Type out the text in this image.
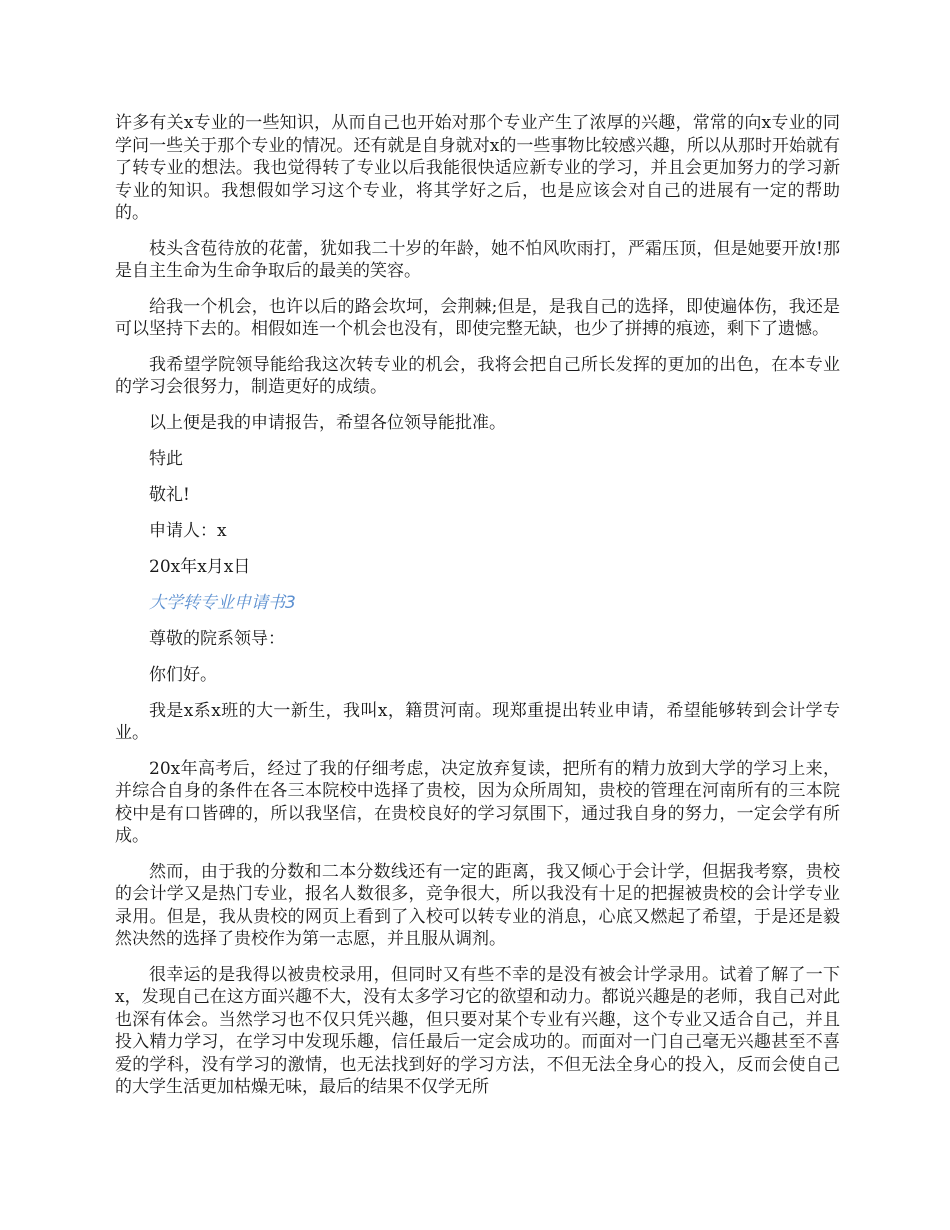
许多有关x专业的一些知识，从而自己也开始对那个专业产生了浓厚的兴趣，常常的向x专业的同学问一些关于那个专业的情况。还有就是自身就对x的一些事物比较感兴趣，所以从那时开始就有了转专业的想法。我也觉得转了专业以后我能很快适应新专业的学习，并且会更加努力的学习新专业的知识。我想假如学习这个专业，将其学好之后，也是应该会对自己的进展有一定的帮助的。

枝头含苞待放的花蕾，犹如我二十岁的年龄，她不怕风吹雨打，严霜压顶，但是她要开放!那是自主生命为生命争取后的最美的笑容。

给我一个机会，也许以后的路会坎坷，会荆棘;但是，是我自己的选择，即使遍体伤，我还是可以坚持下去的。相假如连一个机会也没有，即使完整无缺，也少了拼搏的痕迹，剩下了遗憾。

我希望学院领导能给我这次转专业的机会，我将会把自己所长发挥的更加的出色，在本专业的学习会很努力，制造更好的成绩。

以上便是我的申请报告，希望各位领导能批准。

特此

敬礼!

申请人：x

20x年x月x日

大学转专业申请书3

尊敬的院系领导：

你们好。

我是x系x班的大一新生，我叫x，籍贯河南。现郑重提出转业申请，希望能够转到会计学专业。

20x年高考后，经过了我的仔细考虑，决定放弃复读，把所有的精力放到大学的学习上来，并综合自身的条件在各三本院校中选择了贵校，因为众所周知，贵校的管理在河南所有的三本院校中是有口皆碑的，所以我坚信，在贵校良好的学习氛围下，通过我自身的努力，一定会学有所成。

然而，由于我的分数和二本分数线还有一定的距离，我又倾心于会计学，但据我考察，贵校的会计学又是热门专业，报名人数很多，竞争很大，所以我没有十足的把握被贵校的会计学专业录用。但是，我从贵校的网页上看到了入校可以转专业的消息，心底又燃起了希望，于是还是毅然决然的选择了贵校作为第一志愿，并且服从调剂。

很幸运的是我得以被贵校录用，但同时又有些不幸的是没有被会计学录用。试着了解了一下x，发现自己在这方面兴趣不大，没有太多学习它的欲望和动力。都说兴趣是的老师，我自己对此也深有体会。当然学习也不仅只凭兴趣，但只要对某个专业有兴趣，这个专业又适合自己，并且投入精力学习，在学习中发现乐趣，信任最后一定会成功的。而面对一门自己毫无兴趣甚至不喜爱的学科，没有学习的激情，也无法找到好的学习方法，不但无法全身心的投入，反而会使自己的大学生活更加枯燥无味，最后的结果不仅学无所
